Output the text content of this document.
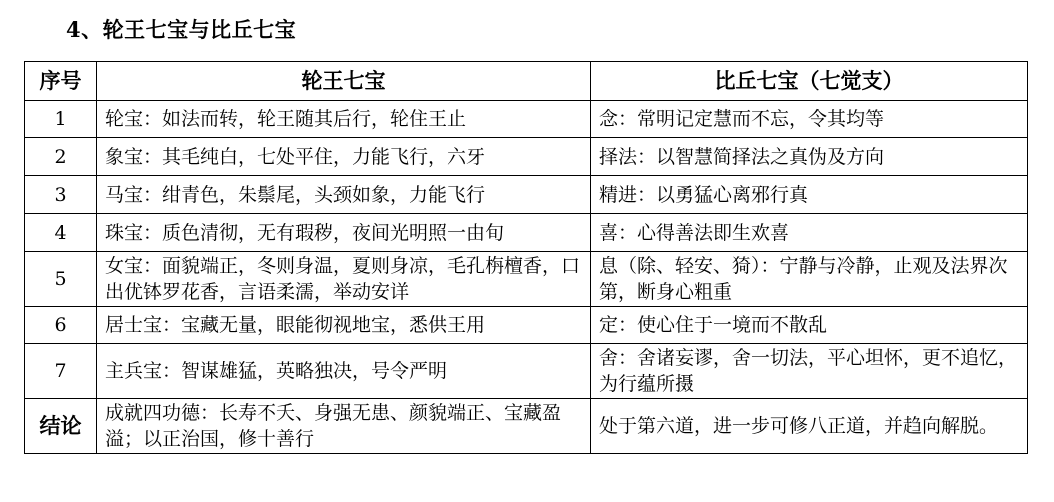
4、轮王七宝与比丘七宝
序号	轮王七宝	比丘七宝（七觉支）
1	轮宝：如法而转，轮王随其后行，轮住王止	念：常明记定慧而不忘，令其均等
2	象宝：其毛纯白，七处平住，力能飞行，六牙	择法：以智慧简择法之真伪及方向
3	马宝：绀青色，朱鬃尾，头颈如象，力能飞行	精进：以勇猛心离邪行真
4	珠宝：质色清彻，无有瑕秽，夜间光明照一由旬	喜：心得善法即生欢喜
5	女宝：面貌端正，冬则身温，夏则身凉，毛孔栴檀香，口出优钵罗花香，言语柔濡，举动安详	息（除、轻安、猗）：宁静与冷静，止观及法界次第，断身心粗重
6	居士宝：宝藏无量，眼能彻视地宝，悉供王用	定：使心住于一境而不散乱
7	主兵宝：智谋雄猛，英略独决，号令严明	舍：舍诸妄谬，舍一切法，平心坦怀，更不追忆，为行蕴所摄
结论	成就四功德：长寿不夭、身强无患、颜貌端正、宝藏盈溢；以正治国，修十善行	处于第六道，进一步可修八正道，并趋向解脱。
